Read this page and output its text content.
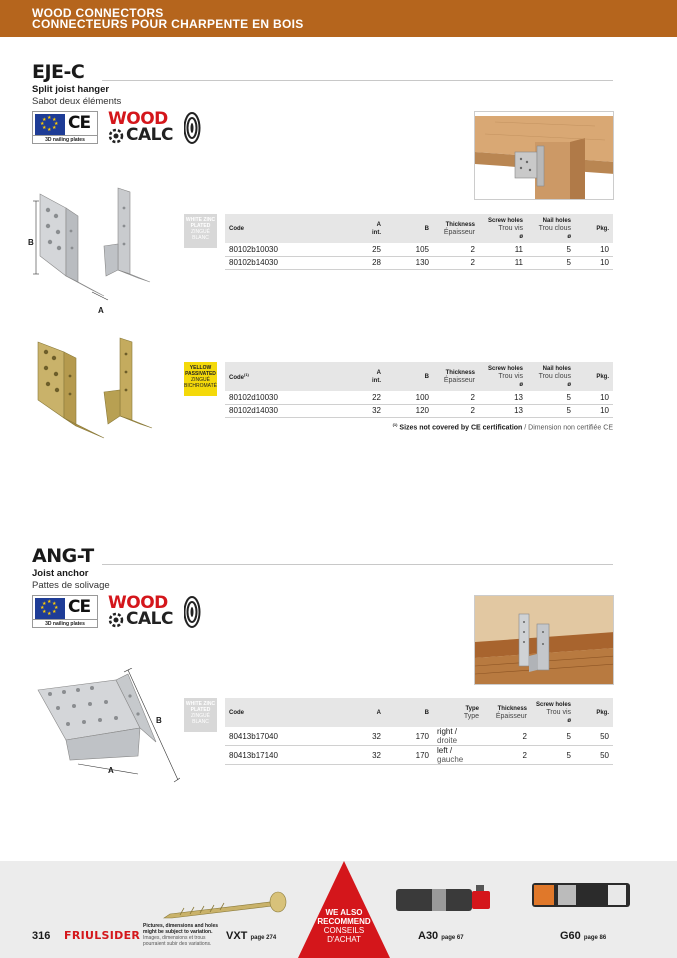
WOOD CONNECTORS
CONNECTEURS POUR CHARPENTE EN BOIS
EJE-C
Split joist hanger
Sabot deux éléments
★ ★
★
★
★
★
★
★ CE
3D nailing plates
WOOD
CALC
B
A
WHITE ZINC PLATED
ZINGUÉ BLANC
Code	A
int.	B	Thickness
Épaisseur	Screw holes
Trou vis
ø	Nail holes
Trou clous
ø	Pkg.
80102b10030	25	105	2	11	5	10
80102b14030	28	130	2	11	5	10
YELLOW PASSIVATED
ZINGUÉ BICHROMATÉ
Code$^{(1)}$	A
int.	B	Thickness
Épaisseur	Screw holes
Trou vis
ø	Nail holes
Trou clous
ø	Pkg.
80102d10030	22	100	2	13	5	10
80102d14030	32	120	2	13	5	10
$^{(1)}$ Sizes not covered by CE certification / Dimension non certifiée CE
ANG-T
Joist anchor
Pattes de solivage
★ ★
★
★
★
★
★
★ CE
3D nailing plates
WOOD
CALC
B
A
WHITE ZINC PLATED
ZINGUÉ BLANC
Code	A	B	Type
Type	Thickness
Épaisseur	Screw holes
Trou vis
ø	Pkg.
80413b17040	32	170	right / droite	2	5	50
80413b17140	32	170	left / gauche	2	5	50
WE ALSO
RECOMMEND
CONSEILS
D'ACHAT
316 FRIULSIDER
Pictures, dimensions and holes might be subject to variation.
Images, dimensions et trous pourraient subir des variations.
VXT page 274	A30 page 67	G60 page 86
